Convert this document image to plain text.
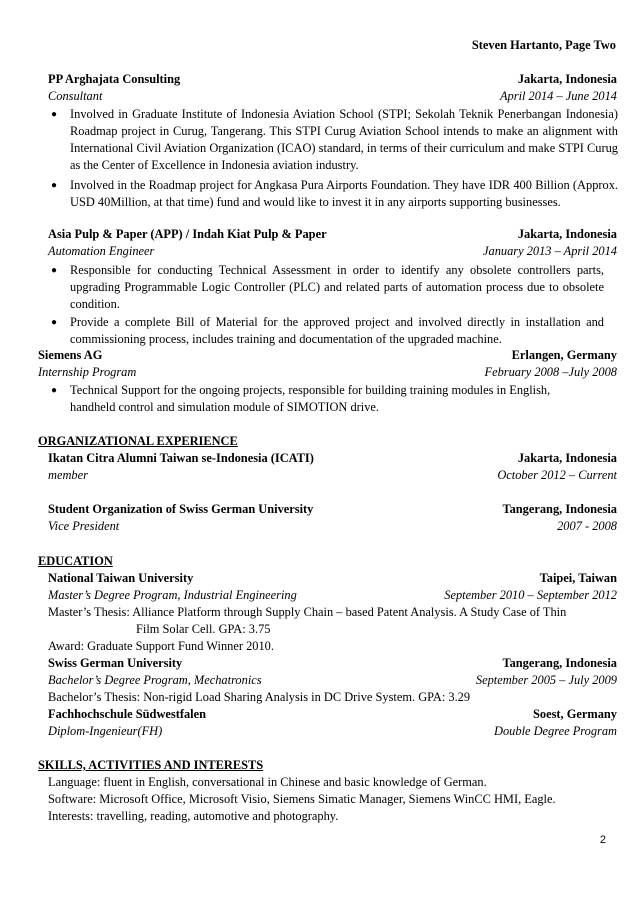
Steven Hartanto, Page Two
PP Arghajata Consulting	Jakarta, Indonesia
Consultant	April 2014 – June 2014
● Involved in Graduate Institute of Indonesia Aviation School (STPI; Sekolah Teknik Penerbangan Indonesia) Roadmap project in Curug, Tangerang. This STPI Curug Aviation School intends to make an alignment with International Civil Aviation Organization (ICAO) standard, in terms of their curriculum and make STPI Curug as the Center of Excellence in Indonesia aviation industry.
● Involved in the Roadmap project for Angkasa Pura Airports Foundation. They have IDR 400 Billion (Approx. USD 40Million, at that time) fund and would like to invest it in any airports supporting businesses.
Asia Pulp & Paper (APP) / Indah Kiat Pulp & Paper	Jakarta, Indonesia
Automation Engineer	January 2013 – April 2014
● Responsible for conducting Technical Assessment in order to identify any obsolete controllers parts, upgrading Programmable Logic Controller (PLC) and related parts of automation process due to obsolete condition.
● Provide a complete Bill of Material for the approved project and involved directly in installation and commissioning process, includes training and documentation of the upgraded machine.
Siemens AG	Erlangen, Germany
Internship Program	February 2008 –July 2008
● Technical Support for the ongoing projects, responsible for building training modules in English, handheld control and simulation module of SIMOTION drive.
ORGANIZATIONAL EXPERIENCE
Ikatan Citra Alumni Taiwan se-Indonesia (ICATI)	Jakarta, Indonesia
member	October 2012 – Current
Student Organization of Swiss German University	Tangerang, Indonesia
Vice President	2007 - 2008
EDUCATION
National Taiwan University	Taipei, Taiwan
Master’s Degree Program, Industrial Engineering	September 2010 – September 2012
Master’s Thesis: Alliance Platform through Supply Chain – based Patent Analysis. A Study Case of Thin
Film Solar Cell. GPA: 3.75
Award: Graduate Support Fund Winner 2010.
Swiss German University	Tangerang, Indonesia
Bachelor’s Degree Program, Mechatronics	September 2005 – July 2009
Bachelor’s Thesis: Non-rigid Load Sharing Analysis in DC Drive System. GPA: 3.29
Fachhochschule Südwestfalen	Soest, Germany
Diplom-Ingenieur(FH)	Double Degree Program
SKILLS, ACTIVITIES AND INTERESTS
Language: fluent in English, conversational in Chinese and basic knowledge of German.
Software: Microsoft Office, Microsoft Visio, Siemens Simatic Manager, Siemens WinCC HMI, Eagle.
Interests: travelling, reading, automotive and photography.
2
